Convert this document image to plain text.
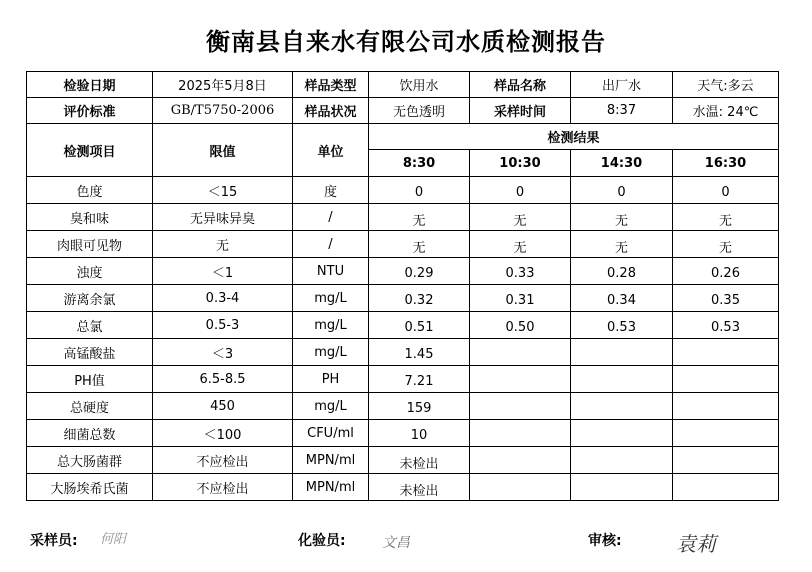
衡南县自来水有限公司水质检测报告
检验日期	2025年5月8日	样品类型	饮用水	样品名称	出厂水	天气:多云
评价标准	GB/T5750-2006	样品状况	无色透明	采样时间	8:37	水温: 24℃
检测项目	限值	单位	检测结果			
			8:30	10:30	14:30	16:30
色度	＜15	度	0	0	0	0
臭和味	无异味异臭	/	无	无	无	无
肉眼可见物	无	/	无	无	无	无
浊度	＜1	NTU	0.29	0.33	0.28	0.26
游离余氯	0.3-4	mg/L	0.32	0.31	0.34	0.35
总氯	0.5-3	mg/L	0.51	0.50	0.53	0.53
高锰酸盐	＜3	mg/L	1.45			
PH值	6.5-8.5	PH	7.21			
总硬度	450	mg/L	159			
细菌总数	＜100	CFU/ml	10			
总大肠菌群	不应检出	MPN/ml	未检出			
大肠埃希氏菌	不应检出	MPN/ml	未检出			
采样员: 何阳	化验员:	文昌	审核:	袁莉
